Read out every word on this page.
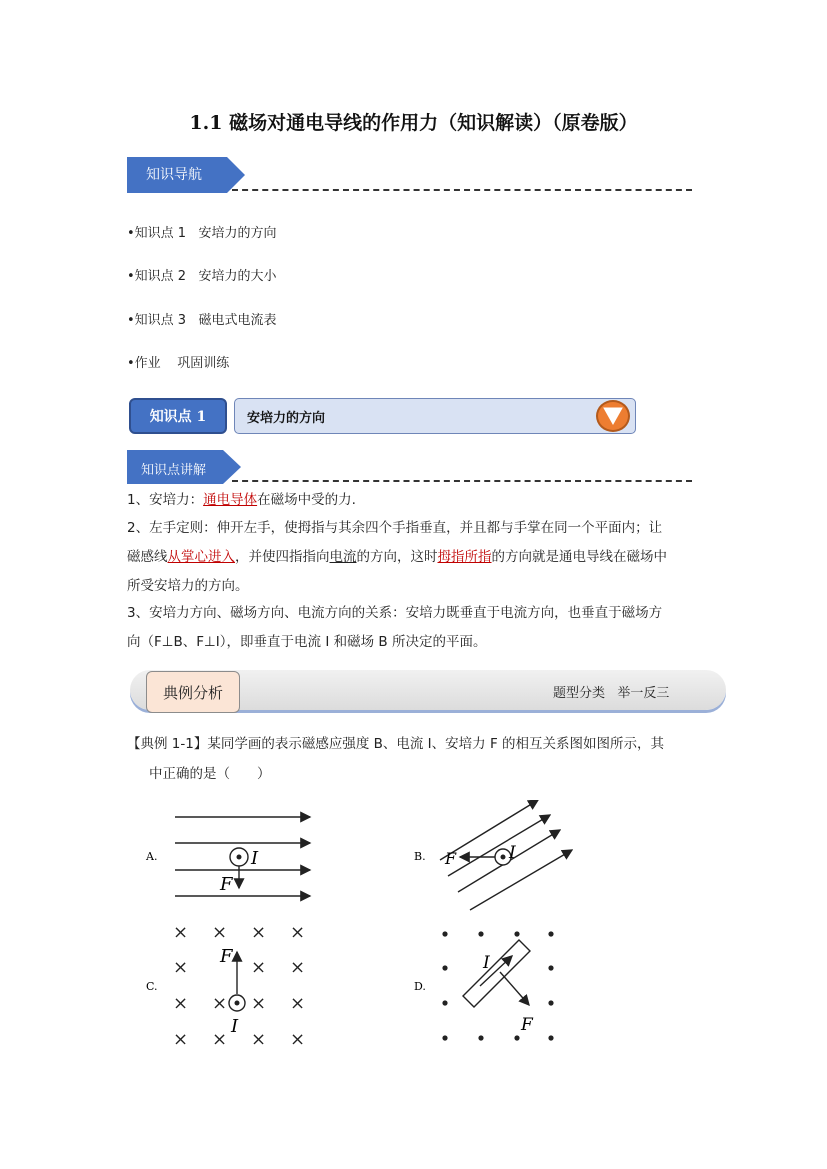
1.1 磁场对通电导线的作用力（知识解读）（原卷版）
知识导航
•知识点 1   安培力的方向
•知识点 2   安培力的大小
•知识点 3   磁电式电流表
•作业    巩固训练
知识点 1	安培力的方向
知识点讲解
1、安培力：通电导体在磁场中受的力.
2、左手定则：伸开左手，使拇指与其余四个手指垂直，并且都与手掌在同一个平面内；让
磁感线从掌心进入，并使四指指向电流的方向，这时拇指所指的方向就是通电导线在磁场中
所受安培力的方向。
3、安培力方向、磁场方向、电流方向的关系：安培力既垂直于电流方向，也垂直于磁场方
向（F⊥B、F⊥I），即垂直于电流 I 和磁场 B 所决定的平面。
典例分析	题型分类   举一反三
【典例 1-1】某同学画的表示磁感应强度 B、电流 I、安培力 F 的相互关系图如图所示，其
中正确的是（　　）
A.	I
F
B.	I
F
C.
× × × ×
×	× ×
× × × ×
× × × ×
F
I
D.
I
F
